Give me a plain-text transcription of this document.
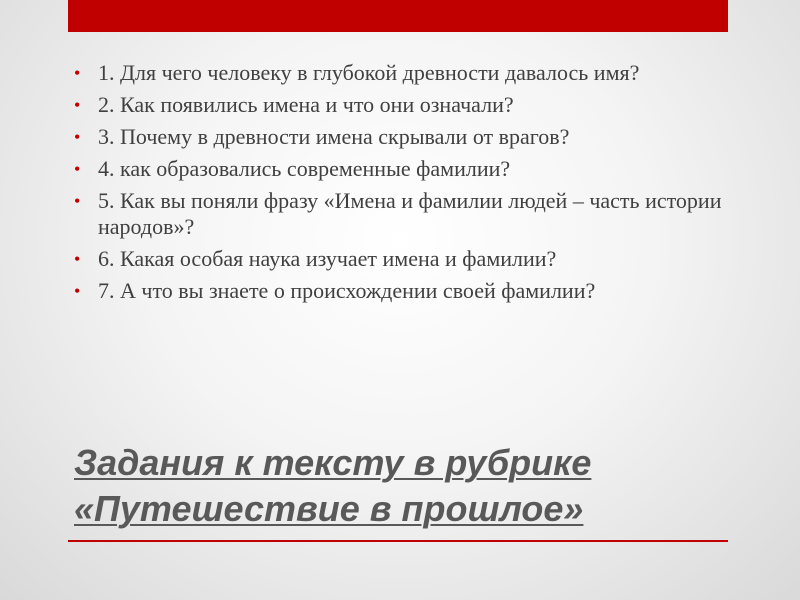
• 1. Для чего человеку в глубокой древности давалось имя?
• 2. Как появились имена и что они означали?
• 3. Почему в древности имена скрывали от врагов?
• 4. как образовались современные фамилии?
• 5. Как вы поняли фразу «Имена и фамилии людей – часть истории народов»?
• 6. Какая особая наука изучает имена и фамилии?
• 7. А что вы знаете о происхождении своей фамилии?
Задания к тексту в рубрике
«Путешествие в прошлое»
